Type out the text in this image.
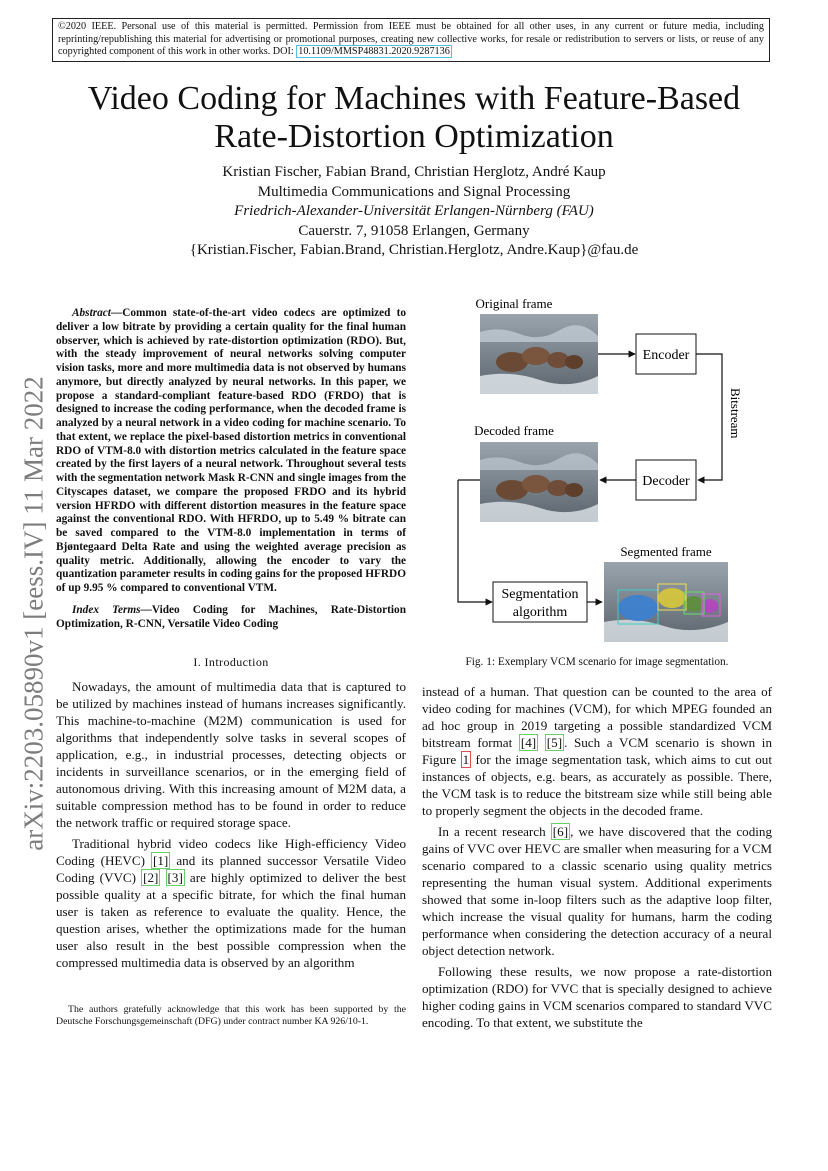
©2020 IEEE. Personal use of this material is permitted. Permission from IEEE must be obtained for all other uses, in any current or future media, including reprinting/republishing this material for advertising or promotional purposes, creating new collective works, for resale or redistribution to servers or lists, or reuse of any copyrighted component of this work in other works. DOI: 10.1109/MMSP48831.2020.9287136
arXiv:2203.05890v1 [eess.IV] 11 Mar 2022
Video Coding for Machines with Feature-Based
Rate-Distortion Optimization
Kristian Fischer, Fabian Brand, Christian Herglotz, André Kaup
Multimedia Communications and Signal Processing
Friedrich-Alexander-Universität Erlangen-Nürnberg (FAU)
Cauerstr. 7, 91058 Erlangen, Germany
{Kristian.Fischer, Fabian.Brand, Christian.Herglotz, Andre.Kaup}@fau.de

Abstract—Common state-of-the-art video codecs are optimized to deliver a low bitrate by providing a certain quality for the final human observer, which is achieved by rate-distortion optimization (RDO). But, with the steady improvement of neural networks solving computer vision tasks, more and more multimedia data is not observed by humans anymore, but directly analyzed by neural networks. In this paper, we propose a standard-compliant feature-based RDO (FRDO) that is designed to increase the coding performance, when the decoded frame is analyzed by a neural network in a video coding for machine scenario. To that extent, we replace the pixel-based distortion metrics in conventional RDO of VTM-8.0 with distortion metrics calculated in the feature space created by the first layers of a neural network. Throughout several tests with the segmentation network Mask R-CNN and single images from the Cityscapes dataset, we compare the proposed FRDO and its hybrid version HFRDO with different distortion measures in the feature space against the conventional RDO. With HFRDO, up to 5.49 % bitrate can be saved compared to the VTM-8.0 implementation in terms of Bjøntegaard Delta Rate and using the weighted average precision as quality metric. Additionally, allowing the encoder to vary the quantization parameter results in coding gains for the proposed HFRDO of up 9.95 % compared to conventional VTM.

Index Terms—Video Coding for Machines, Rate-Distortion Optimization, R-CNN, Versatile Video Coding

I. Introduction

Nowadays, the amount of multimedia data that is captured to be utilized by machines instead of humans increases significantly. This machine-to-machine (M2M) communication is used for algorithms that independently solve tasks in several scopes of application, e.g., in industrial processes, detecting objects or incidents in surveillance scenarios, or in the emerging field of autonomous driving. With this increasing amount of M2M data, a suitable compression method has to be found in order to reduce the network traffic or required storage space.

Traditional hybrid video codecs like High-efficiency Video Coding (HEVC) [1] and its planned successor Versatile Video Coding (VVC) [2] [3] are highly optimized to deliver the best possible quality at a specific bitrate, for which the final human user is taken as reference to evaluate the quality. Hence, the question arises, whether the optimizations made for the human user also result in the best possible compression when the compressed multimedia data is observed by an algorithm

The authors gratefully acknowledge that this work has been supported by the Deutsche Forschungsgemeinschaft (DFG) under contract number KA 926/10-1.
Original frame
Decoded frame
Encoder
Bitstream
Decoder
Segmentation
algorithm
Segmented frame
Fig. 1: Exemplary VCM scenario for image segmentation.

instead of a human. That question can be counted to the area of video coding for machines (VCM), for which MPEG founded an ad hoc group in 2019 targeting a possible standardized VCM bitstream format [4] [5] . Such a VCM scenario is shown in Figure 1 for the image segmentation task, which aims to cut out instances of objects, e.g. bears, as accurately as possible. There, the VCM task is to reduce the bitstream size while still being able to properly segment the objects in the decoded frame.

In a recent research [6] , we have discovered that the coding gains of VVC over HEVC are smaller when measuring for a VCM scenario compared to a classic scenario using quality metrics representing the human visual system. Additional experiments showed that some in-loop filters such as the adaptive loop filter, which increase the visual quality for humans, harm the coding performance when considering the detection accuracy of a neural object detection network.

Following these results, we now propose a rate-distortion optimization (RDO) for VVC that is specially designed to achieve higher coding gains in VCM scenarios compared to standard VVC encoding. To that extent, we substitute the
